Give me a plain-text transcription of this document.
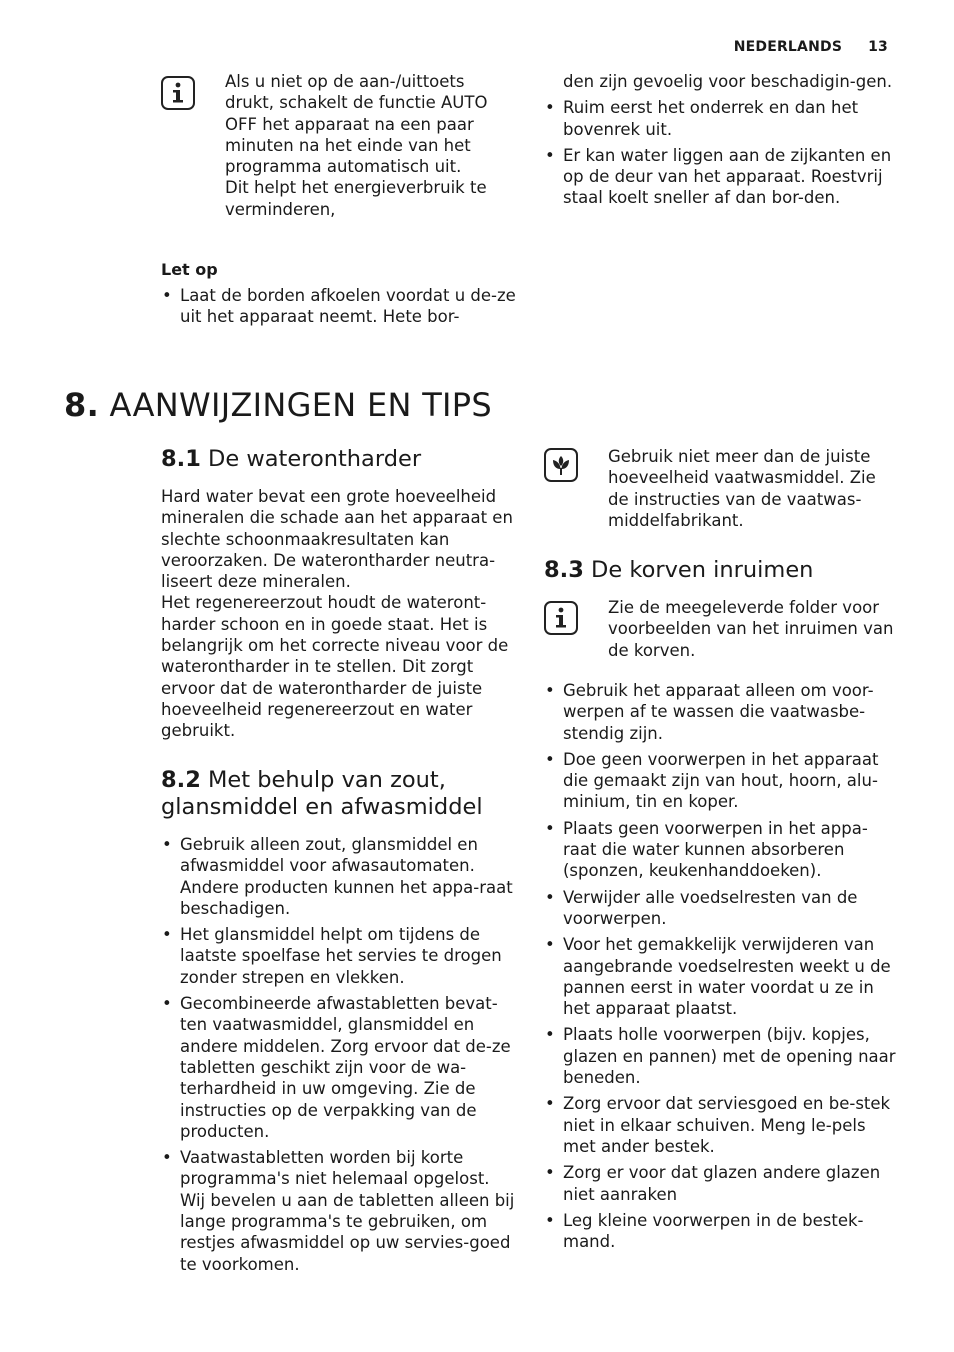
NEDERLANDS 13

Als u niet op de aan-/uittoets

drukt, schakelt de functie AUTO

OFF het apparaat na een paar

minuten na het einde van het

programma automatisch uit.

Dit helpt het energieverbruik te

verminderen,

Let op
• Laat de borden afkoelen voordat u de-ze uit het apparaat neemt. Hete bor-

den zijn gevoelig voor beschadigin-gen.

• Ruim eerst het onderrek en dan het bovenrek uit.
• Er kan water liggen aan de zijkanten en op de deur van het apparaat. Roestvrij staal koelt sneller af dan bor-den.
8. AANWIJZINGEN EN TIPS
8.1 De waterontharder

Hard water bevat een grote hoeveelheid mineralen die schade aan het apparaat en slechte schoonmaakresultaten kan veroorzaken. De waterontharder neutra-liseert deze mineralen.

Het regenereerzout houdt de wateront-harder schoon en in goede staat. Het is belangrijk om het correcte niveau voor de waterontharder in te stellen. Dit zorgt ervoor dat de waterontharder de juiste hoeveelheid regenereerzout en water gebruikt.

8.2 Met behulp van zout,
glansmiddel en afwasmiddel
• Gebruik alleen zout, glansmiddel en afwasmiddel voor afwasautomaten. Andere producten kunnen het appa-raat beschadigen.
• Het glansmiddel helpt om tijdens de laatste spoelfase het servies te drogen zonder strepen en vlekken.
• Gecombineerde afwastabletten bevat-ten vaatwasmiddel, glansmiddel en andere middelen. Zorg ervoor dat de-ze tabletten geschikt zijn voor de wa-terhardheid in uw omgeving. Zie de instructies op de verpakking van de producten.
• Vaatwastabletten worden bij korte programma's niet helemaal opgelost. Wij bevelen u aan de tabletten alleen bij lange programma's te gebruiken, om restjes afwasmiddel op uw servies-goed te voorkomen.

Gebruik niet meer dan de juiste hoeveelheid vaatwasmiddel. Zie de instructies van de vaatwas-middelfabrikant.

8.3 De korven inruimen

Zie de meegeleverde folder voor voorbeelden van het inruimen van de korven.

• Gebruik het apparaat alleen om voor-werpen af te wassen die vaatwasbe-stendig zijn.
• Doe geen voorwerpen in het apparaat die gemaakt zijn van hout, hoorn, alu-minium, tin en koper.
• Plaats geen voorwerpen in het appa-raat die water kunnen absorberen (sponzen, keukenhanddoeken).
• Verwijder alle voedselresten van de voorwerpen.
• Voor het gemakkelijk verwijderen van aangebrande voedselresten weekt u de pannen eerst in water voordat u ze in het apparaat plaatst.
• Plaats holle voorwerpen (bijv. kopjes, glazen en pannen) met de opening naar beneden.
• Zorg ervoor dat serviesgoed en be-stek niet in elkaar schuiven. Meng le-pels met ander bestek.
• Zorg er voor dat glazen andere glazen niet aanraken
• Leg kleine voorwerpen in de bestek-mand.
